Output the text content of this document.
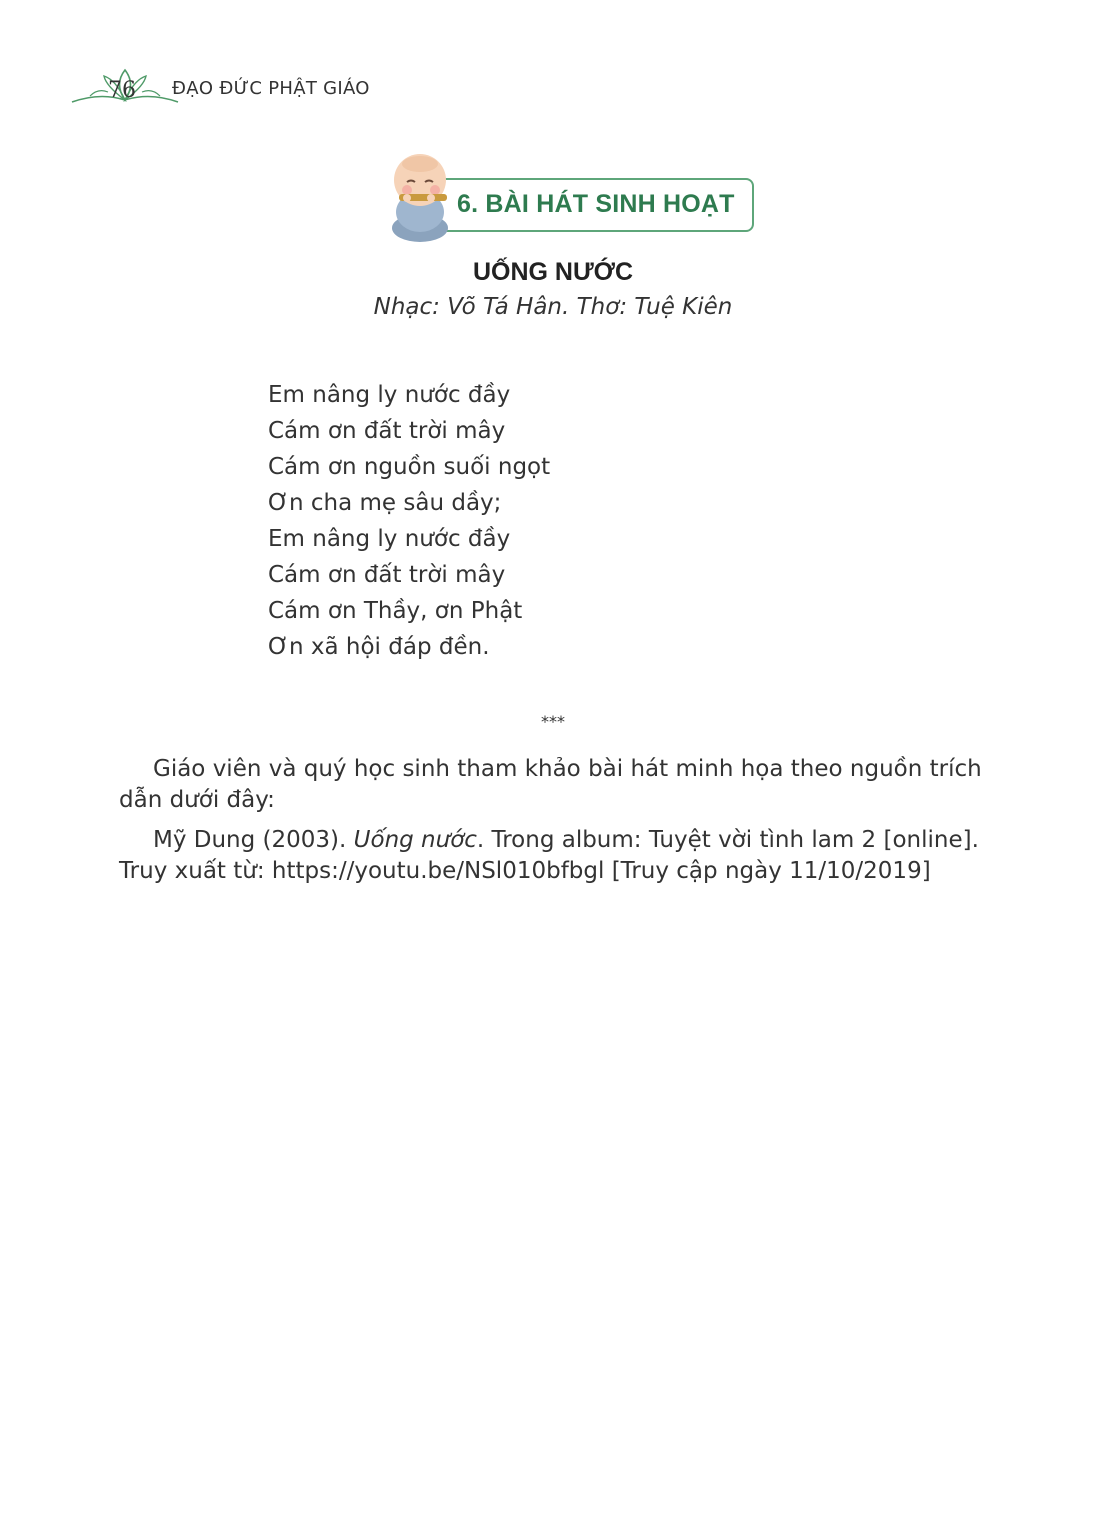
76 ĐẠO ĐỨC PHẬT GIÁO
6. BÀI HÁT SINH HOẠT
UỐNG NƯỚC
Nhạc: Võ Tá Hân. Thơ: Tuệ Kiên
Em nâng ly nước đầy
Cám ơn đất trời mây
Cám ơn nguồn suối ngọt
Ơn cha mẹ sâu dầy;
Em nâng ly nước đầy
Cám ơn đất trời mây
Cám ơn Thầy, ơn Phật
Ơn xã hội đáp đền.
***
Giáo viên và quý học sinh tham khảo bài hát minh họa theo nguồn trích dẫn dưới đây:
Mỹ Dung (2003). Uống nước. Trong album: Tuyệt vời tình lam 2 [online]. Truy xuất từ: https://youtu.be/NSl010bfbgl [Truy cập ngày 11/10/2019]
